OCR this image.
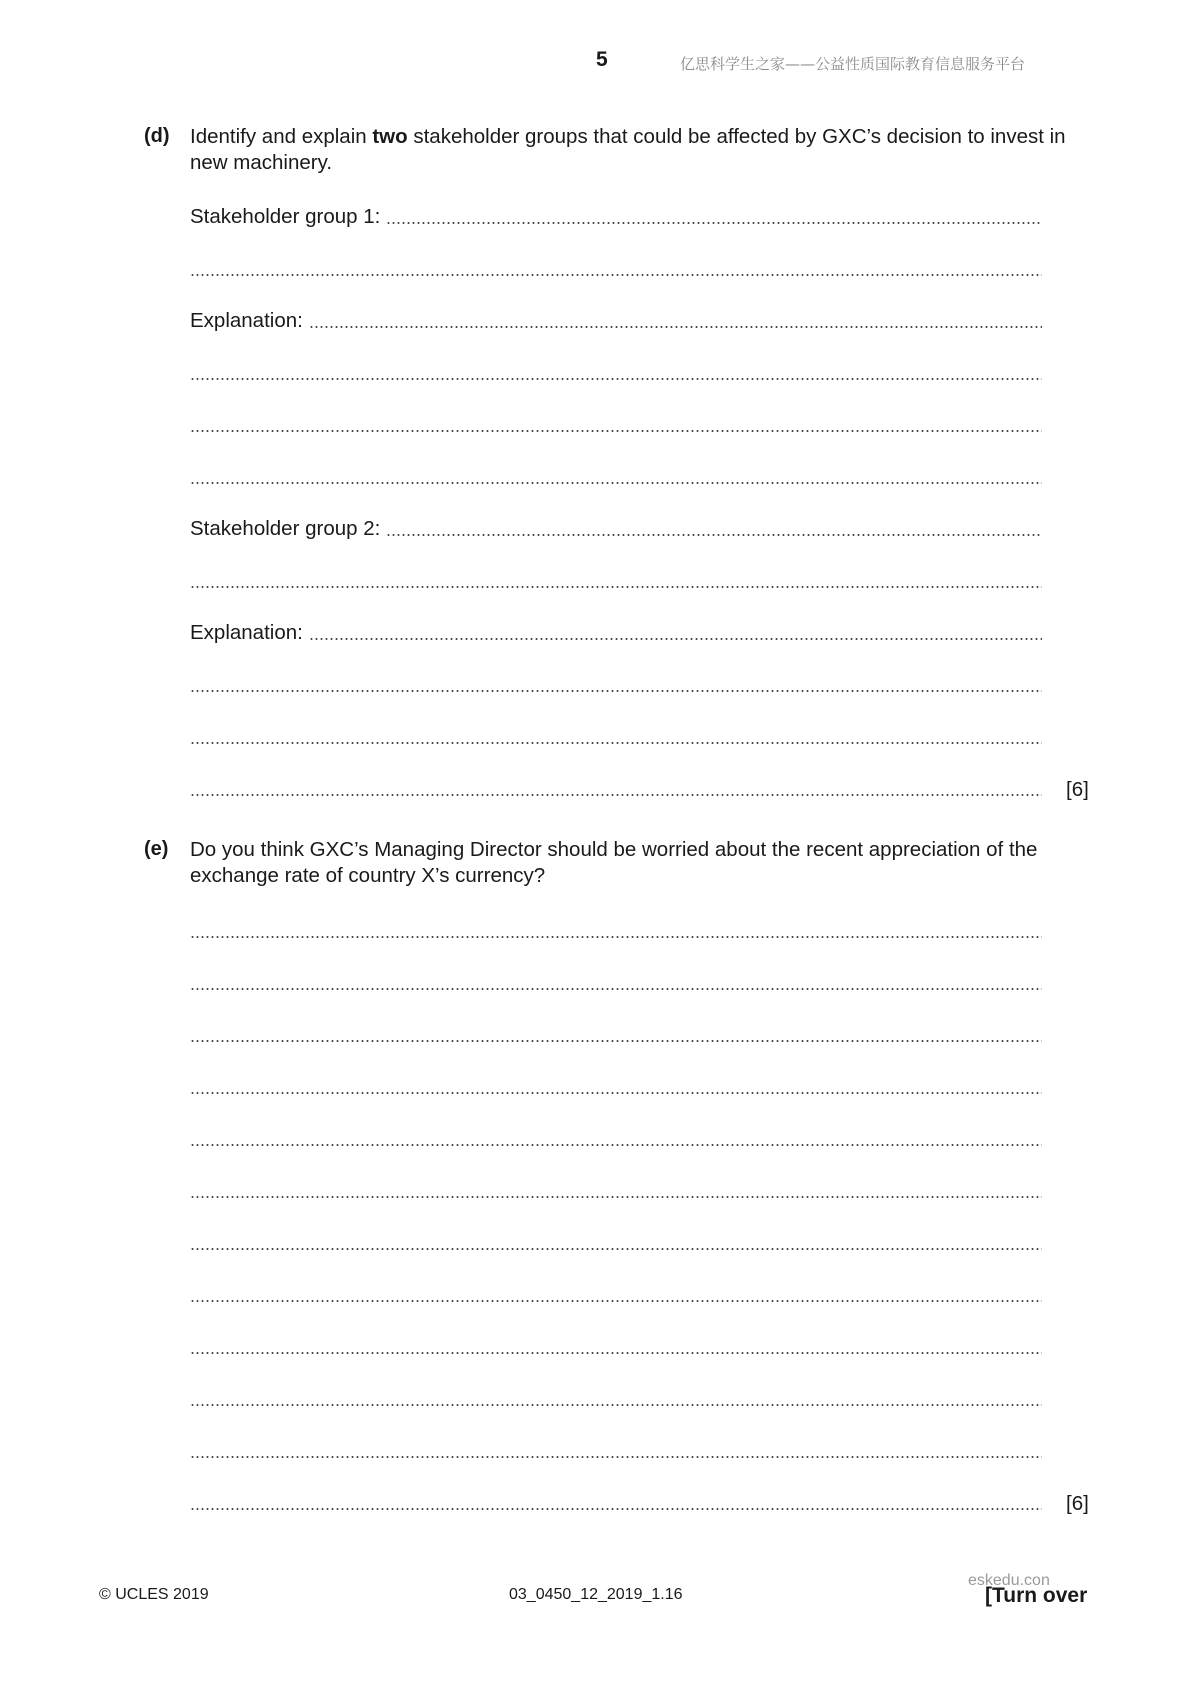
5	亿思科学生之家——公益性质国际教育信息服务平台
(d) Identify and explain two stakeholder groups that could be affected by GXC’s decision to invest in new machinery.
Stakeholder group 1:
Explanation:
Stakeholder group 2:
Explanation:
[6]
(e) Do you think GXC’s Managing Director should be worried about the recent appreciation of the exchange rate of country X’s currency?
[6]
© UCLES 2019	03_0450_12_2019_1.16
eskedu.con
[Turn over
